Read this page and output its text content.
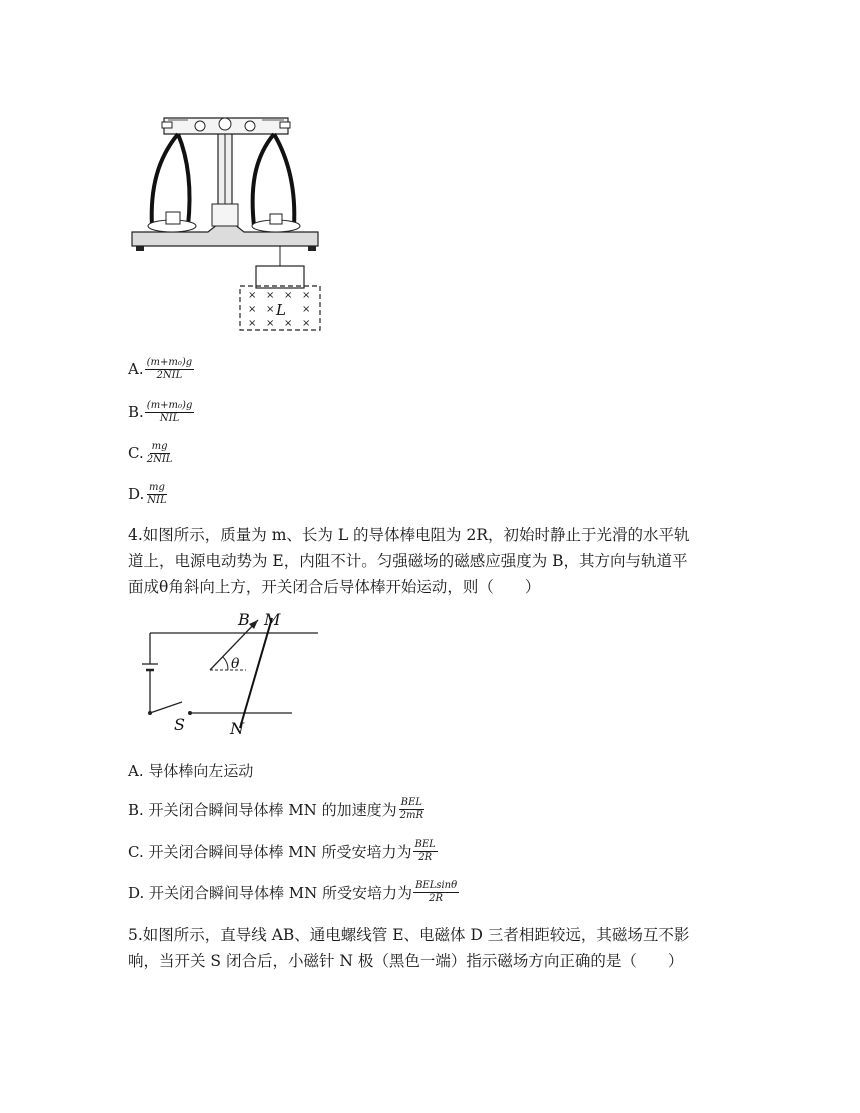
× × × ×
× ×	×
× × × ×
L
A. $\frac{\text{(m+m₀)g}}{\text{2NIL}}$
B. $\frac{\text{(m+m₀)g}}{\text{NIL}}$
C. $\frac{mg}{\text{2NIL}}$
D. $\frac{mg}{\text{NIL}}$
4.如图所示，质量为 m、长为 L 的导体棒电阻为 2R，初始时静止于光滑的水平轨
道上，电源电动势为 E，内阻不计。匀强磁场的磁感应强度为 B，其方向与轨道平
面成θ角斜向上方，开关闭合后导体棒开始运动，则（　　）
B M
N
S
θ
A. 导体棒向左运动
B. 开关闭合瞬间导体棒 MN 的加速度为 $\frac{\text{BEL}}{2mR}$
C. 开关闭合瞬间导体棒 MN 所受安培力为 $\frac{\text{BEL}}{2R}$
D. 开关闭合瞬间导体棒 MN 所受安培力为 $\frac{\text{BELsinθ}}{2R}$
5.如图所示，直导线 AB、通电螺线管 E、电磁体 D 三者相距较远，其磁场互不影
响，当开关 S 闭合后，小磁针 N 极（黑色一端）指示磁场方向正确的是（　　）
